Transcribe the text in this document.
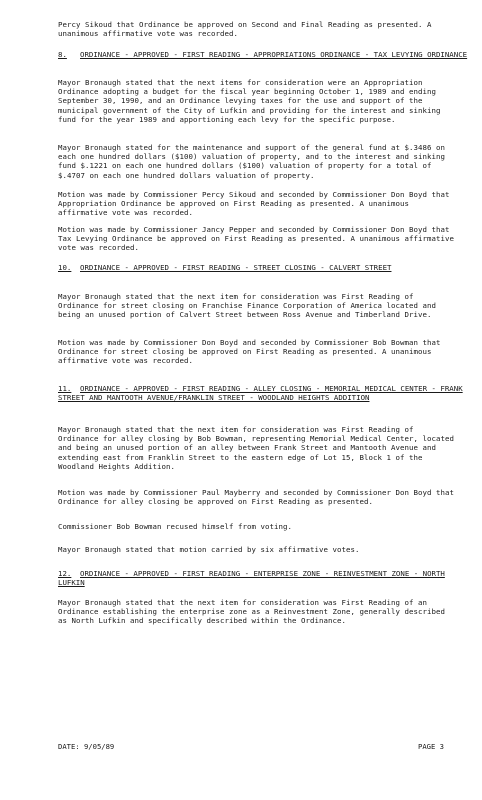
Percy Sikoud that Ordinance be approved on Second and Final Reading as presented. A unanimous affirmative vote was recorded.

8. ORDINANCE - APPROVED - FIRST READING - APPROPRIATIONS ORDINANCE - TAX LEVYING ORDINANCE

Mayor Bronaugh stated that the next items for consideration were an Appropriation Ordinance adopting a budget for the fiscal year beginning October 1, 1989 and ending September 30, 1990, and an Ordinance levying taxes for the use and support of the municipal government of the City of Lufkin and providing for the interest and sinking fund for the year 1989 and apportioning each levy for the specific purpose.

Mayor Bronaugh stated for the maintenance and support of the general fund at $.3486 on each one hundred dollars ($100) valuation of property, and to the interest and sinking fund $.1221 on each one hundred dollars ($100) valuation of property for a total of $.4707 on each one hundred dollars valuation of property.

Motion was made by Commissioner Percy Sikoud and seconded by Commissioner Don Boyd that Appropriation Ordinance be approved on First Reading as presented. A unanimous affirmative vote was recorded.

Motion was made by Commissioner Jancy Pepper and seconded by Commissioner Don Boyd that Tax Levying Ordinance be approved on First Reading as presented. A unanimous affirmative vote was recorded.

10. ORDINANCE - APPROVED - FIRST READING - STREET CLOSING - CALVERT STREET

Mayor Bronaugh stated that the next item for consideration was First Reading of Ordinance for street closing on Franchise Finance Corporation of America located and being an unused portion of Calvert Street between Ross Avenue and Timberland Drive.

Motion was made by Commissioner Don Boyd and seconded by Commissioner Bob Bowman that Ordinance for street closing be approved on First Reading as presented. A unanimous affirmative vote was recorded.

11. ORDINANCE - APPROVED - FIRST READING - ALLEY CLOSING - MEMORIAL MEDICAL CENTER - FRANK STREET AND MANTOOTH AVENUE/FRANKLIN STREET - WOODLAND HEIGHTS ADDITION

Mayor Bronaugh stated that the next item for consideration was First Reading of Ordinance for alley closing by Bob Bowman, representing Memorial Medical Center, located and being an unused portion of an alley between Frank Street and Mantooth Avenue and extending east from Franklin Street to the eastern edge of Lot 15, Block 1 of the Woodland Heights Addition.

Motion was made by Commissioner Paul Mayberry and seconded by Commissioner Don Boyd that Ordinance for alley closing be approved on First Reading as presented.

Commissioner Bob Bowman recused himself from voting.

Mayor Bronaugh stated that motion carried by six affirmative votes.

12. ORDINANCE - APPROVED - FIRST READING - ENTERPRISE ZONE - REINVESTMENT ZONE - NORTH LUFKIN

Mayor Bronaugh stated that the next item for consideration was First Reading of an Ordinance establishing the enterprise zone as a Reinvestment Zone, generally described as North Lufkin and specifically described within the Ordinance.

DATE: 9/05/89	PAGE 3
